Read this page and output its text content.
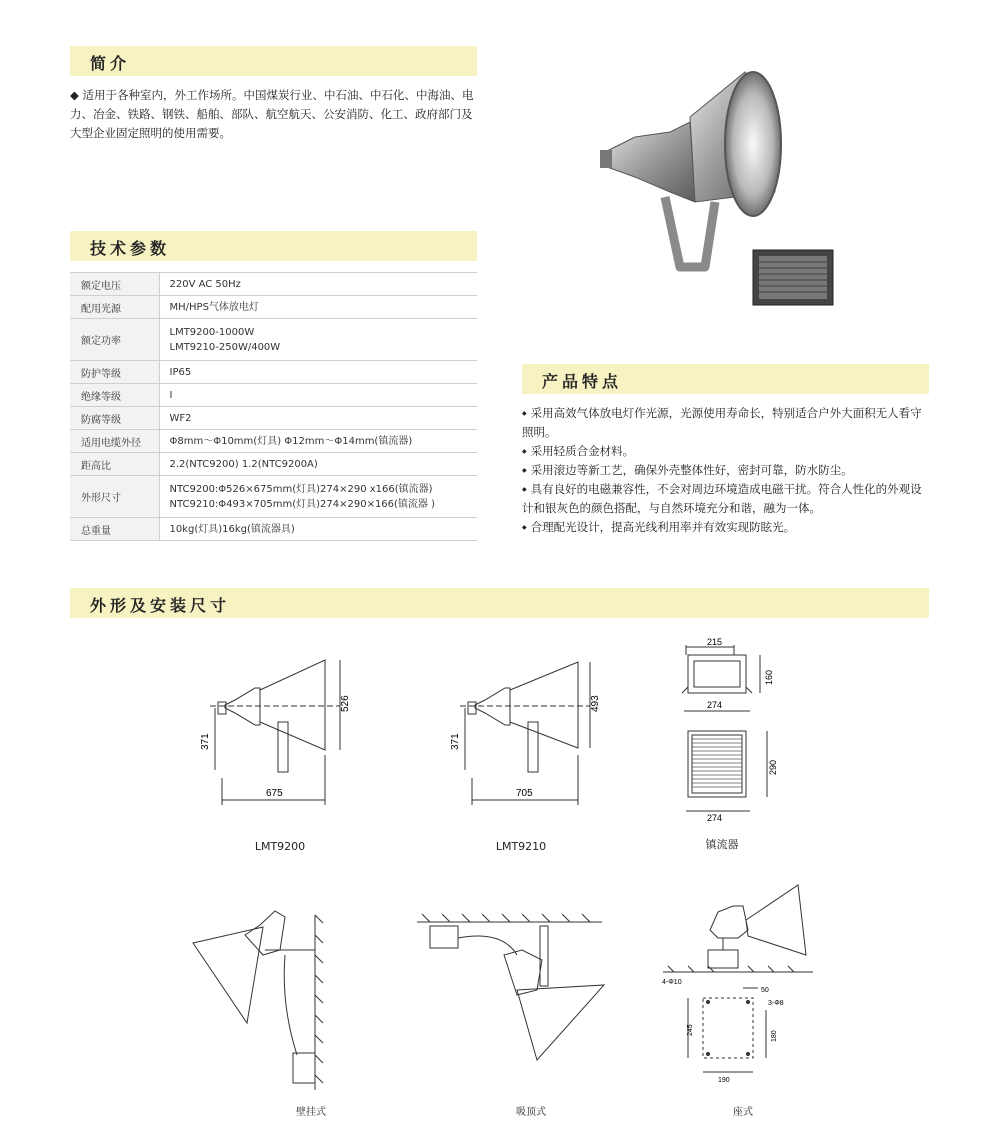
简介
技术参数
产品特点
外形及安装尺寸

◆ 适用于各种室内，外工作场所。中国煤炭行业、中石油、中石化、中海油、电力、冶金、铁路、钢铁、船舶、部队、航空航天、公安消防、化工、政府部门及大型企业固定照明的使用需要。

额定电压	220V AC 50Hz

配用光源	MH/HPS气体放电灯

额定功率	LMT9200-1000W
LMT9210-250W/400W

防护等级	IP65

绝缘等级	I

防腐等级	WF2

适用电缆外径	Φ8mm～Φ10mm(灯具) Φ12mm～Φ14mm(镇流器)

距高比	2.2(NTC9200) 1.2(NTC9200A)

外形尺寸	NTC9200:Φ526×675mm(灯具)274×290 x166(镇流器)
NTC9210:Φ493×705mm(灯具)274×290×166(镇流器 )

总重量	10kg(灯具)16kg(镇流器具)
◆ 采用高效气体放电灯作光源，光源使用寿命长，特别适合户外大面积无人看守照明。
◆ 采用轻质合金材料。
◆ 采用滚边等新工艺，确保外壳整体性好，密封可靠，防水防尘。
◆ 具有良好的电磁兼容性，不会对周边环境造成电磁干扰。符合人性化的外观设计和银灰色的颜色搭配，与自然环境充分和谐，融为一体。
◆ 合理配光设计，提高光线利用率并有效实现防眩光。
526
371
675
LMT9200
493
371
705
LMT9210
215
160
274
290
274
镇流器
壁挂式	吸顶式
4-Φ10
50
3-Φ8
245
180
190
座式
